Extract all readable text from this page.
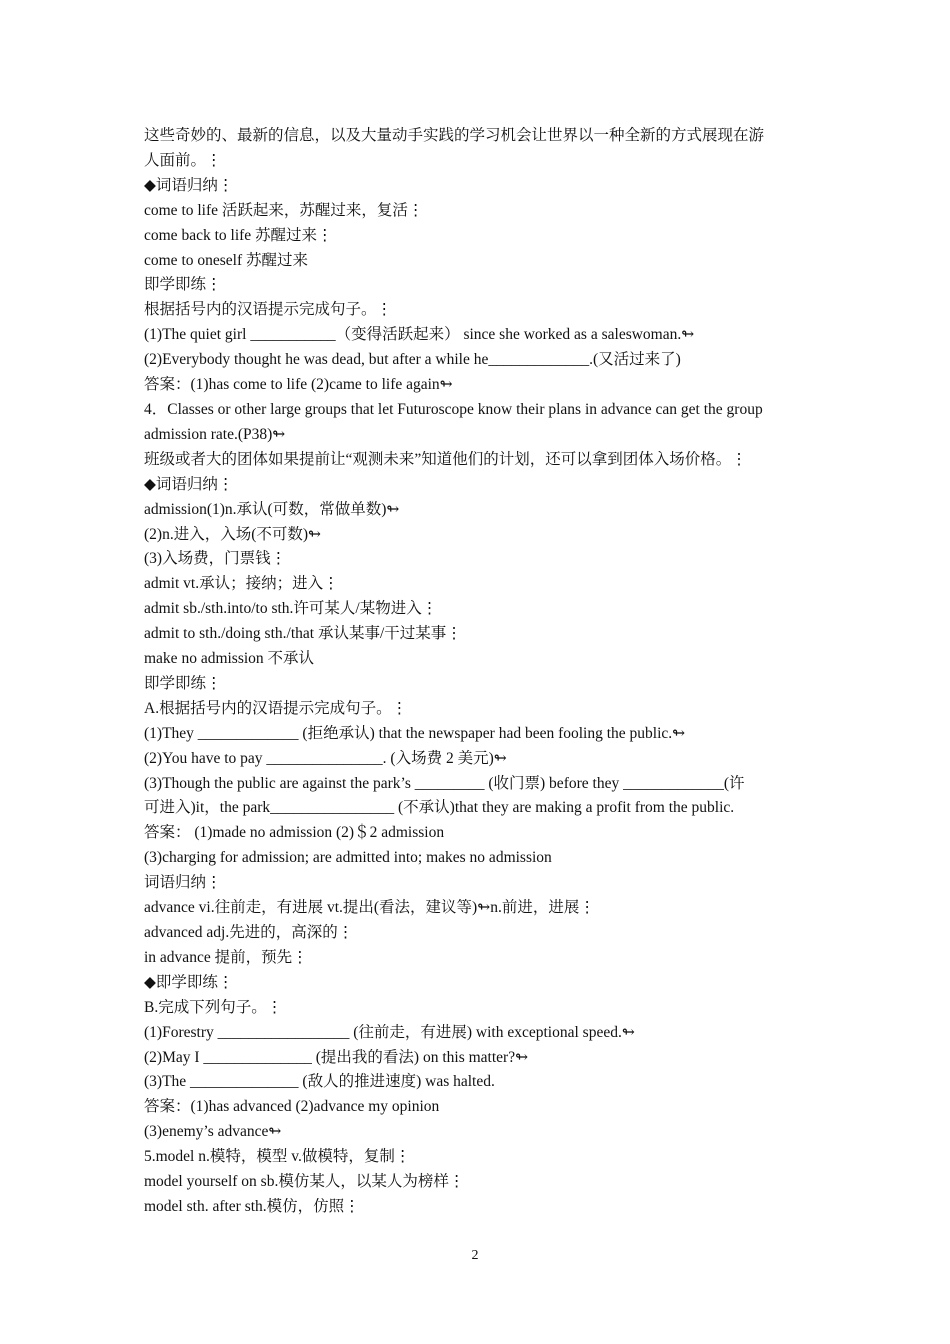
这些奇妙的、最新的信息，以及大量动手实践的学习机会让世界以一种全新的方式展现在游
人面前。⋮
◆词语归纳⋮
come to life 活跃起来，苏醒过来，复活⋮
come back to life 苏醒过来⋮
come to oneself 苏醒过来
即学即练⋮
根据括号内的汉语提示完成句子。⋮
(1)The quiet girl ___________（变得活跃起来） since she worked as a saleswoman.↬
(2)Everybody thought he was dead, but after a while he_____________.(又活过来了)
答案：(1)has come to life (2)came to life again↬
4．Classes or other large groups that let Futuroscope know their plans in advance can get the group
admission rate.(P38)↬
班级或者大的团体如果提前让“观测未来”知道他们的计划，还可以拿到团体入场价格。⋮
◆词语归纳⋮
admission(1)n.承认(可数，常做单数)↬
(2)n.进入，入场(不可数)↬
(3)入场费，门票钱⋮
admit vt.承认；接纳；进入⋮
admit sb./sth.into/to sth.许可某人/某物进入⋮
admit to sth./doing sth./that 承认某事/干过某事⋮
make no admission 不承认
即学即练⋮
A.根据括号内的汉语提示完成句子。⋮
(1)They _____________ (拒绝承认) that the newspaper had been fooling the public.↬
(2)You have to pay _______________. (入场费 2 美元)↬
(3)Though the public are against the park’s _________ (收门票) before they _____________(许
可进入)it，the park________________ (不承认)that they are making a profit from the public.
答案： (1)made no admission (2)＄2 admission
(3)charging for admission; are admitted into; makes no admission
词语归纳⋮
advance vi.往前走，有进展 vt.提出(看法，建议等)↬n.前进，进展⋮
advanced adj.先进的，高深的⋮
in advance 提前，预先⋮
◆即学即练⋮
B.完成下列句子。⋮
(1)Forestry _________________ (往前走，有进展) with exceptional speed.↬
(2)May I ______________ (提出我的看法) on this matter?↬
(3)The ______________ (敌人的推进速度) was halted.
答案：(1)has advanced (2)advance my opinion
(3)enemy’s advance↬
5.model n.模特，模型 v.做模特，复制⋮
model yourself on sb.模仿某人，以某人为榜样⋮
model sth. after sth.模仿，仿照⋮
2
